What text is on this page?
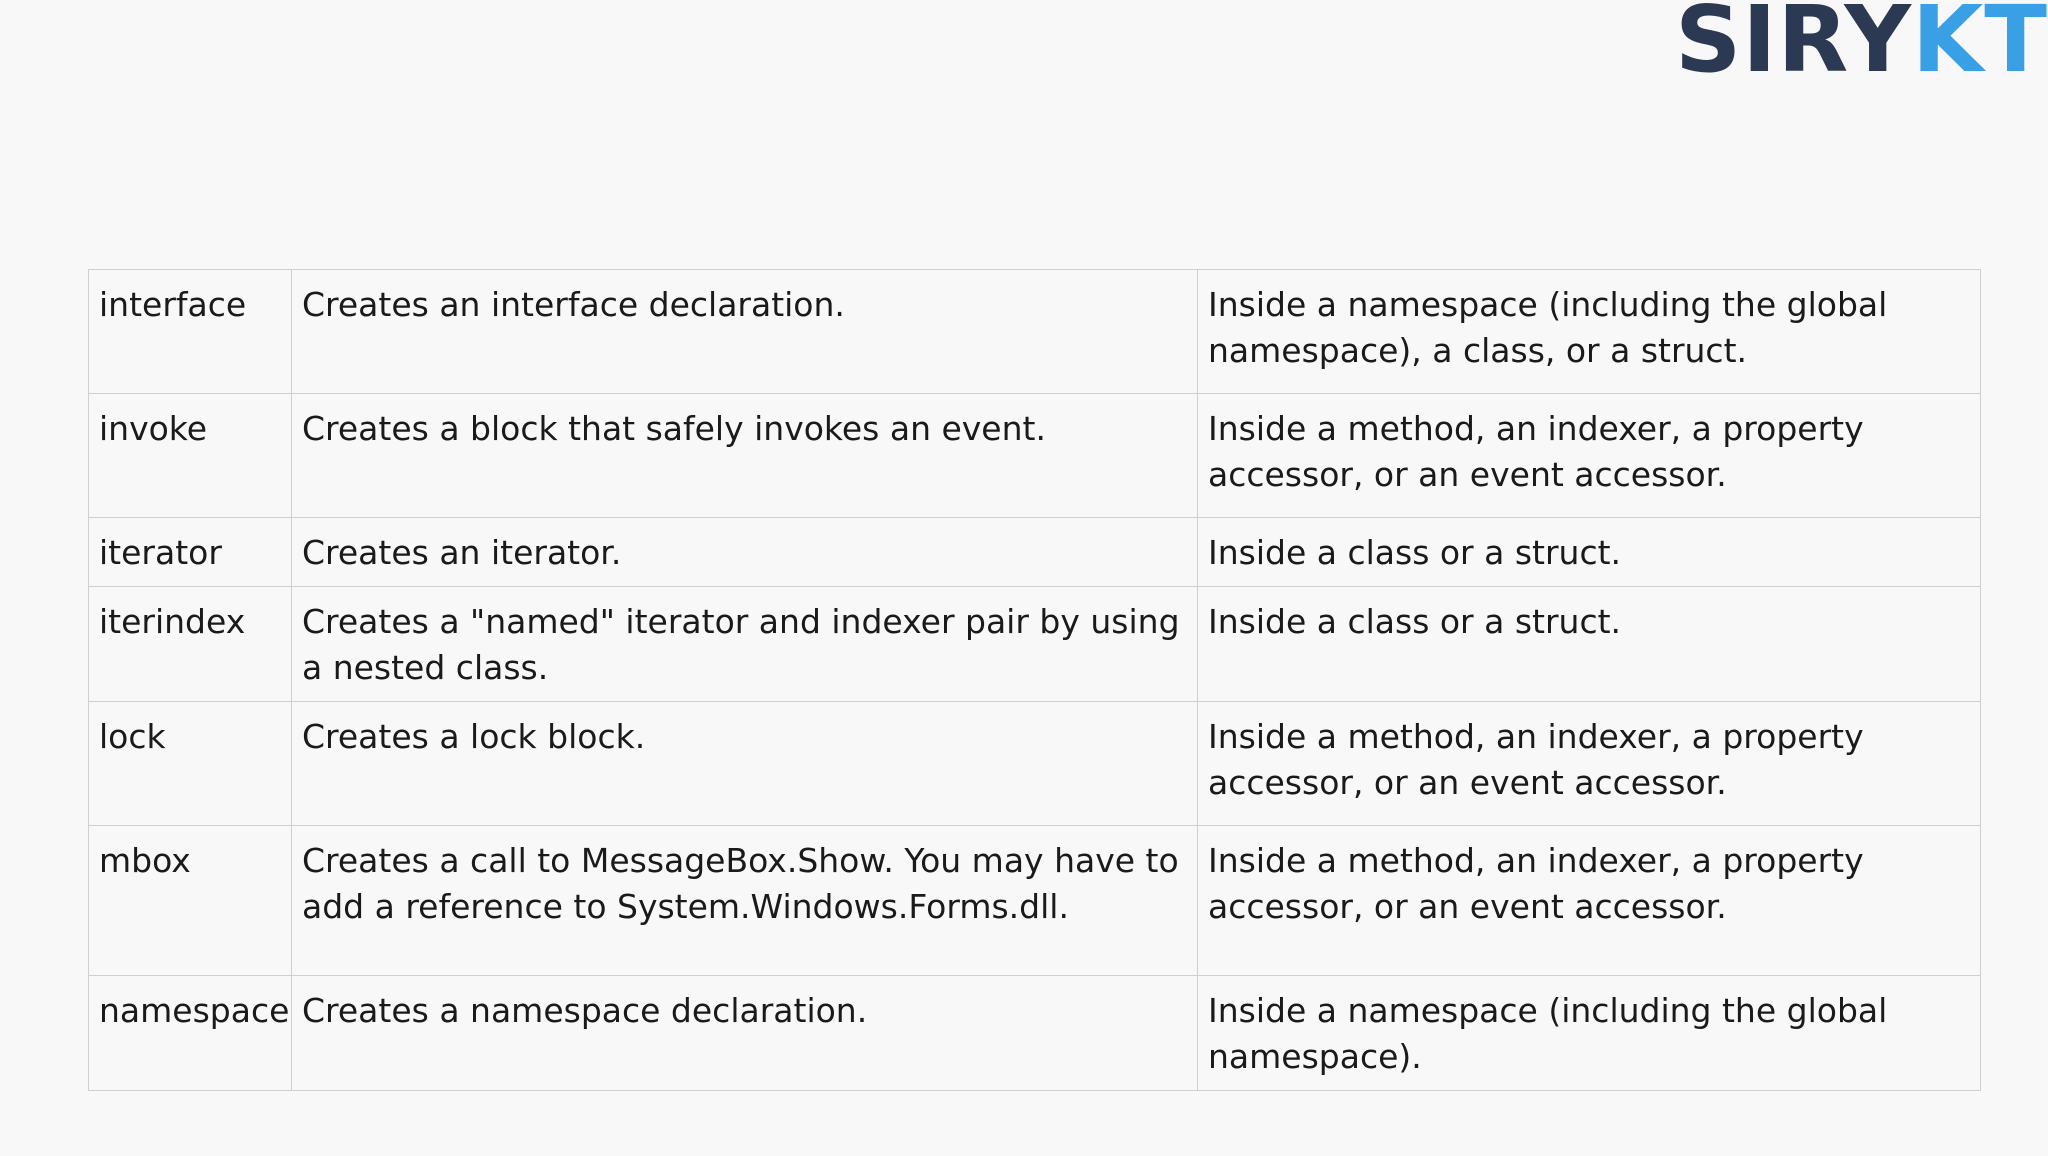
SIRYKT
interface	Creates an interface declaration.	Inside a namespace (including the global namespace), a class, or a struct.
invoke	Creates a block that safely invokes an event.	Inside a method, an indexer, a property accessor, or an event accessor.
iterator	Creates an iterator.	Inside a class or a struct.
iterindex	Creates a "named" iterator and indexer pair by using a nested class.	Inside a class or a struct.
lock	Creates a lock block.	Inside a method, an indexer, a property accessor, or an event accessor.
mbox	Creates a call to MessageBox.Show. You may have to add a reference to System.Windows.Forms.dll.	Inside a method, an indexer, a property accessor, or an event accessor.
namespace	Creates a namespace declaration.	Inside a namespace (including the global namespace).
